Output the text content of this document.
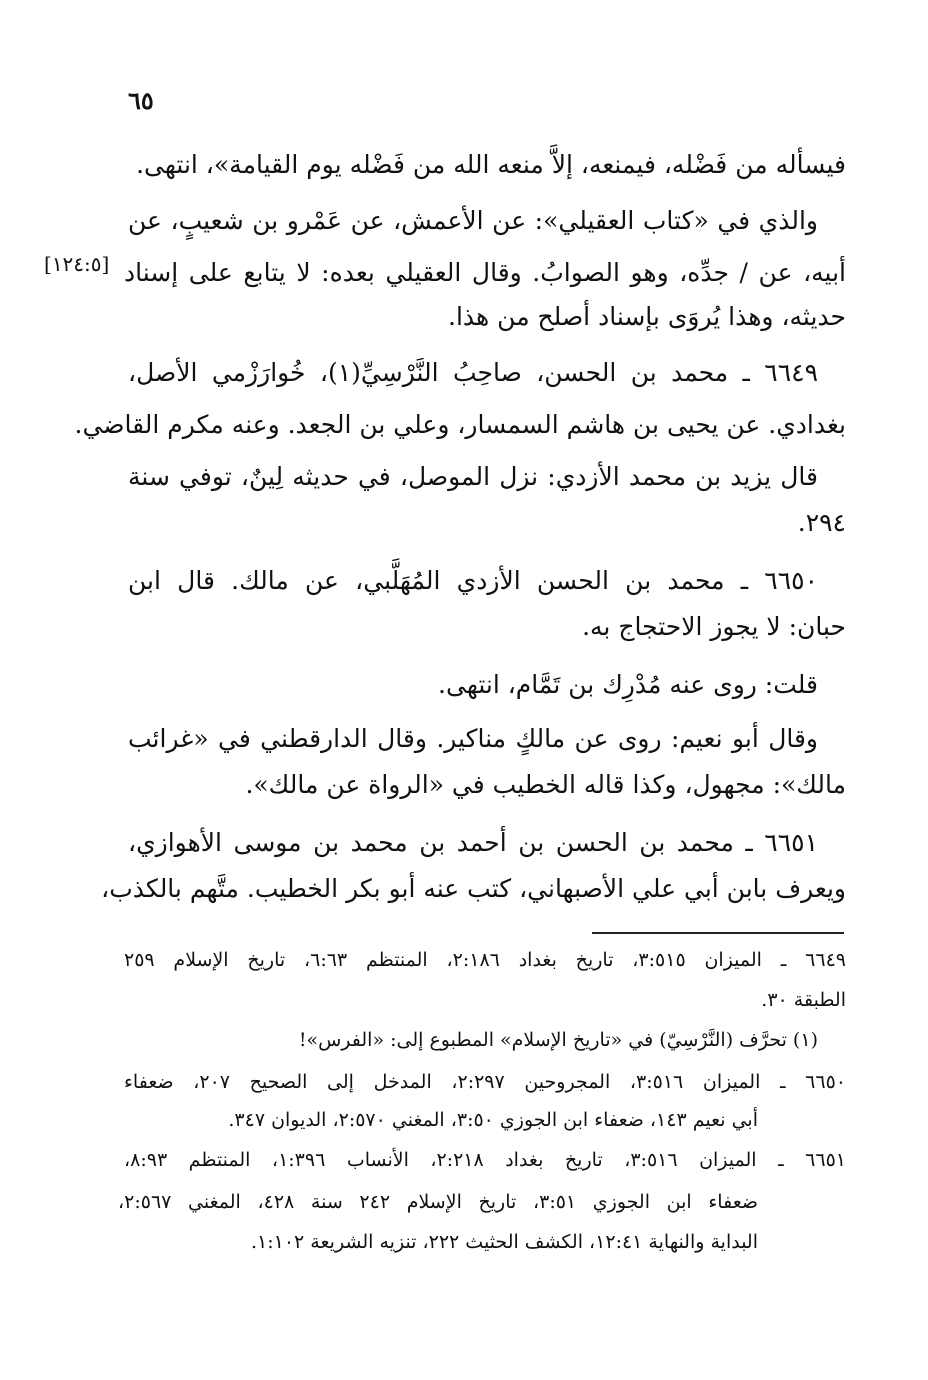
٦٥
[١٢٤:٥]
فيسأله من فَضْله، فيمنعه، إلاَّ منعه الله من فَضْله يوم القيامة»، انتهى.
والذي في «كتاب العقيلي»: عن الأعمش، عن عَمْرو بن شعيبٍ، عن
أبيه، عن / جدِّه، وهو الصوابُ. وقال العقيلي بعده: لا يتابع على إسناد
حديثه، وهذا يُروَى بإسناد أصلح من هذا.
٦٦٤٩ ـ محمد بن الحسن، صاحِبُ النَّرْسِيِّ(١)، خُوارَزْمي الأصل،
بغدادي. عن يحيى بن هاشم السمسار، وعلي بن الجعد. وعنه مكرم القاضي.
قال يزيد بن محمد الأزدي: نزل الموصل، في حديثه لِينٌ، توفي سنة
٢٩٤.
٦٦٥٠ ـ محمد بن الحسن الأزدي المُهَلَّبي، عن مالك. قال ابن
حبان: لا يجوز الاحتجاج به.
قلت: روى عنه مُدْرِك بن تَمَّام، انتهى.
وقال أبو نعيم: روى عن مالكٍ مناكير. وقال الدارقطني في «غرائب
مالك»: مجهول، وكذا قاله الخطيب في «الرواة عن مالك».
٦٦٥١ ـ محمد بن الحسن بن أحمد بن محمد بن موسى الأهوازي،
ويعرف بابن أبي علي الأصبهاني، كتب عنه أبو بكر الخطيب. متَّهم بالكذب،
٦٦٤٩ ـ الميزان ٣:٥١٥، تاريخ بغداد ٢:١٨٦، المنتظم ٦:٦٣، تاريخ الإسلام ٢٥٩
الطبقة ٣٠.
(١) تحرَّف (النَّرْسِيّ) في «تاريخ الإسلام» المطبوع إلى: «الفرس»!
٦٦٥٠ ـ الميزان ٣:٥١٦، المجروحين ٢:٢٩٧، المدخل إلى الصحيح ٢٠٧، ضعفاء
أبي نعيم ١٤٣، ضعفاء ابن الجوزي ٣:٥٠، المغني ٢:٥٧٠، الديوان ٣٤٧.
٦٦٥١ ـ الميزان ٣:٥١٦، تاريخ بغداد ٢:٢١٨، الأنساب ١:٣٩٦، المنتظم ٨:٩٣،
ضعفاء ابن الجوزي ٣:٥١، تاريخ الإسلام ٢٤٢ سنة ٤٢٨، المغني ٢:٥٦٧،
البداية والنهاية ١٢:٤١، الكشف الحثيث ٢٢٢، تنزيه الشريعة ١:١٠٢.
